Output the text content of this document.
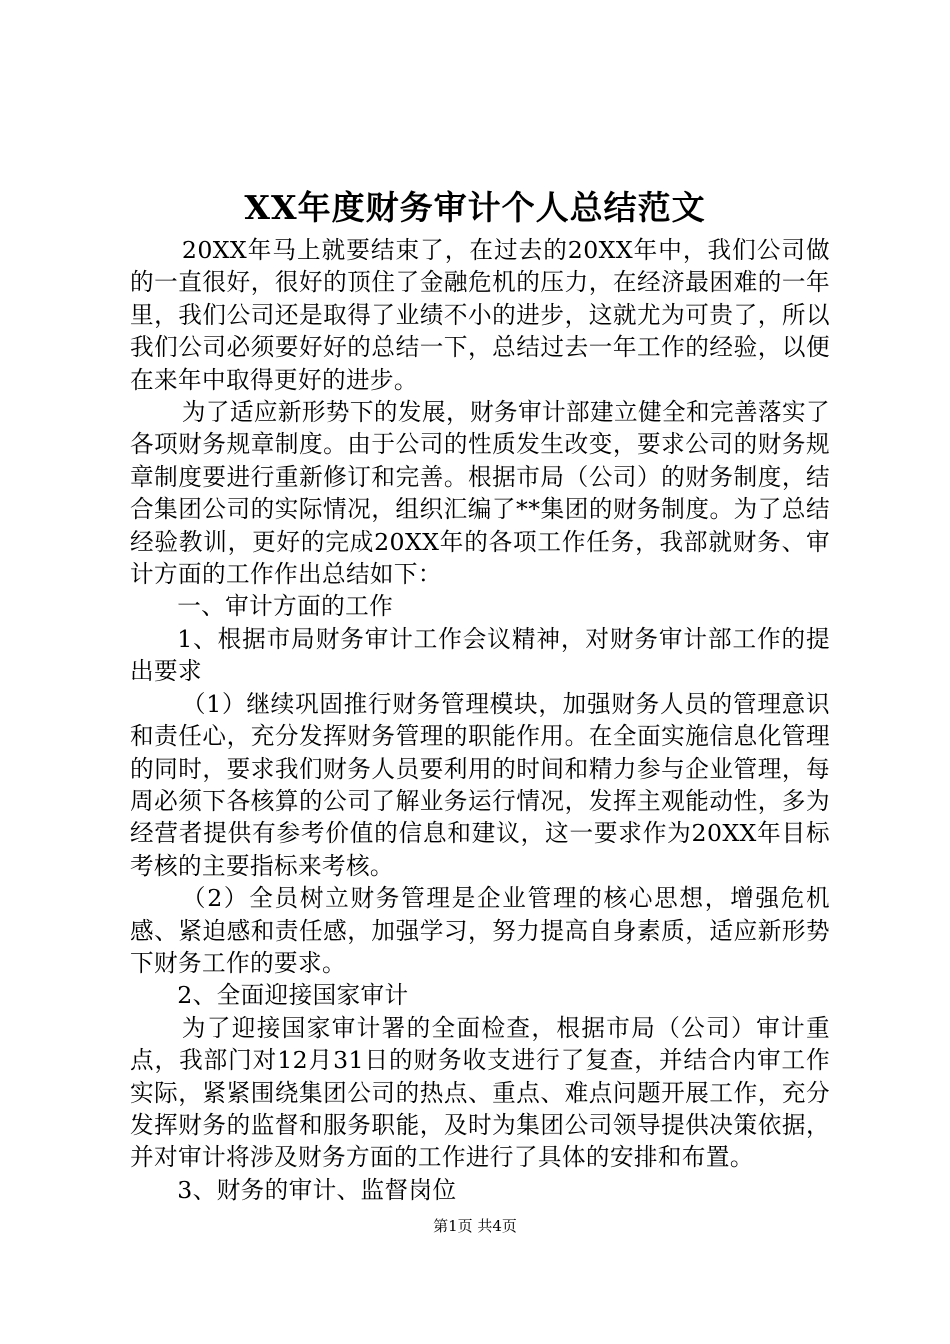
XX年度财务审计个人总结范文

20XX年马上就要结束了，在过去的20XX年中，我们公司做的一直很好，很好的顶住了金融危机的压力，在经济最困难的一年里，我们公司还是取得了业绩不小的进步，这就尤为可贵了，所以我们公司必须要好好的总结一下，总结过去一年工作的经验，以便在来年中取得更好的进步。

为了适应新形势下的发展，财务审计部建立健全和完善落实了各项财务规章制度。由于公司的性质发生改变，要求公司的财务规章制度要进行重新修订和完善。根据市局（公司）的财务制度，结合集团公司的实际情况，组织汇编了**集团的财务制度。为了总结经验教训，更好的完成20XX年的各项工作任务，我部就财务、审计方面的工作作出总结如下：

一、审计方面的工作

1、根据市局财务审计工作会议精神，对财务审计部工作的提出要求

（1）继续巩固推行财务管理模块，加强财务人员的管理意识和责任心，充分发挥财务管理的职能作用。在全面实施信息化管理的同时，要求我们财务人员要利用的时间和精力参与企业管理，每周必须下各核算的公司了解业务运行情况，发挥主观能动性，多为经营者提供有参考价值的信息和建议，这一要求作为20XX年目标考核的主要指标来考核。

（2）全员树立财务管理是企业管理的核心思想，增强危机感、紧迫感和责任感，加强学习，努力提高自身素质，适应新形势下财务工作的要求。

2、全面迎接国家审计

为了迎接国家审计署的全面检查，根据市局（公司）审计重点，我部门对12月31日的财务收支进行了复查，并结合内审工作实际，紧紧围绕集团公司的热点、重点、难点问题开展工作，充分发挥财务的监督和服务职能，及时为集团公司领导提供决策依据，并对审计将涉及财务方面的工作进行了具体的安排和布置。

3、财务的审计、监督岗位

第1页 共4页
